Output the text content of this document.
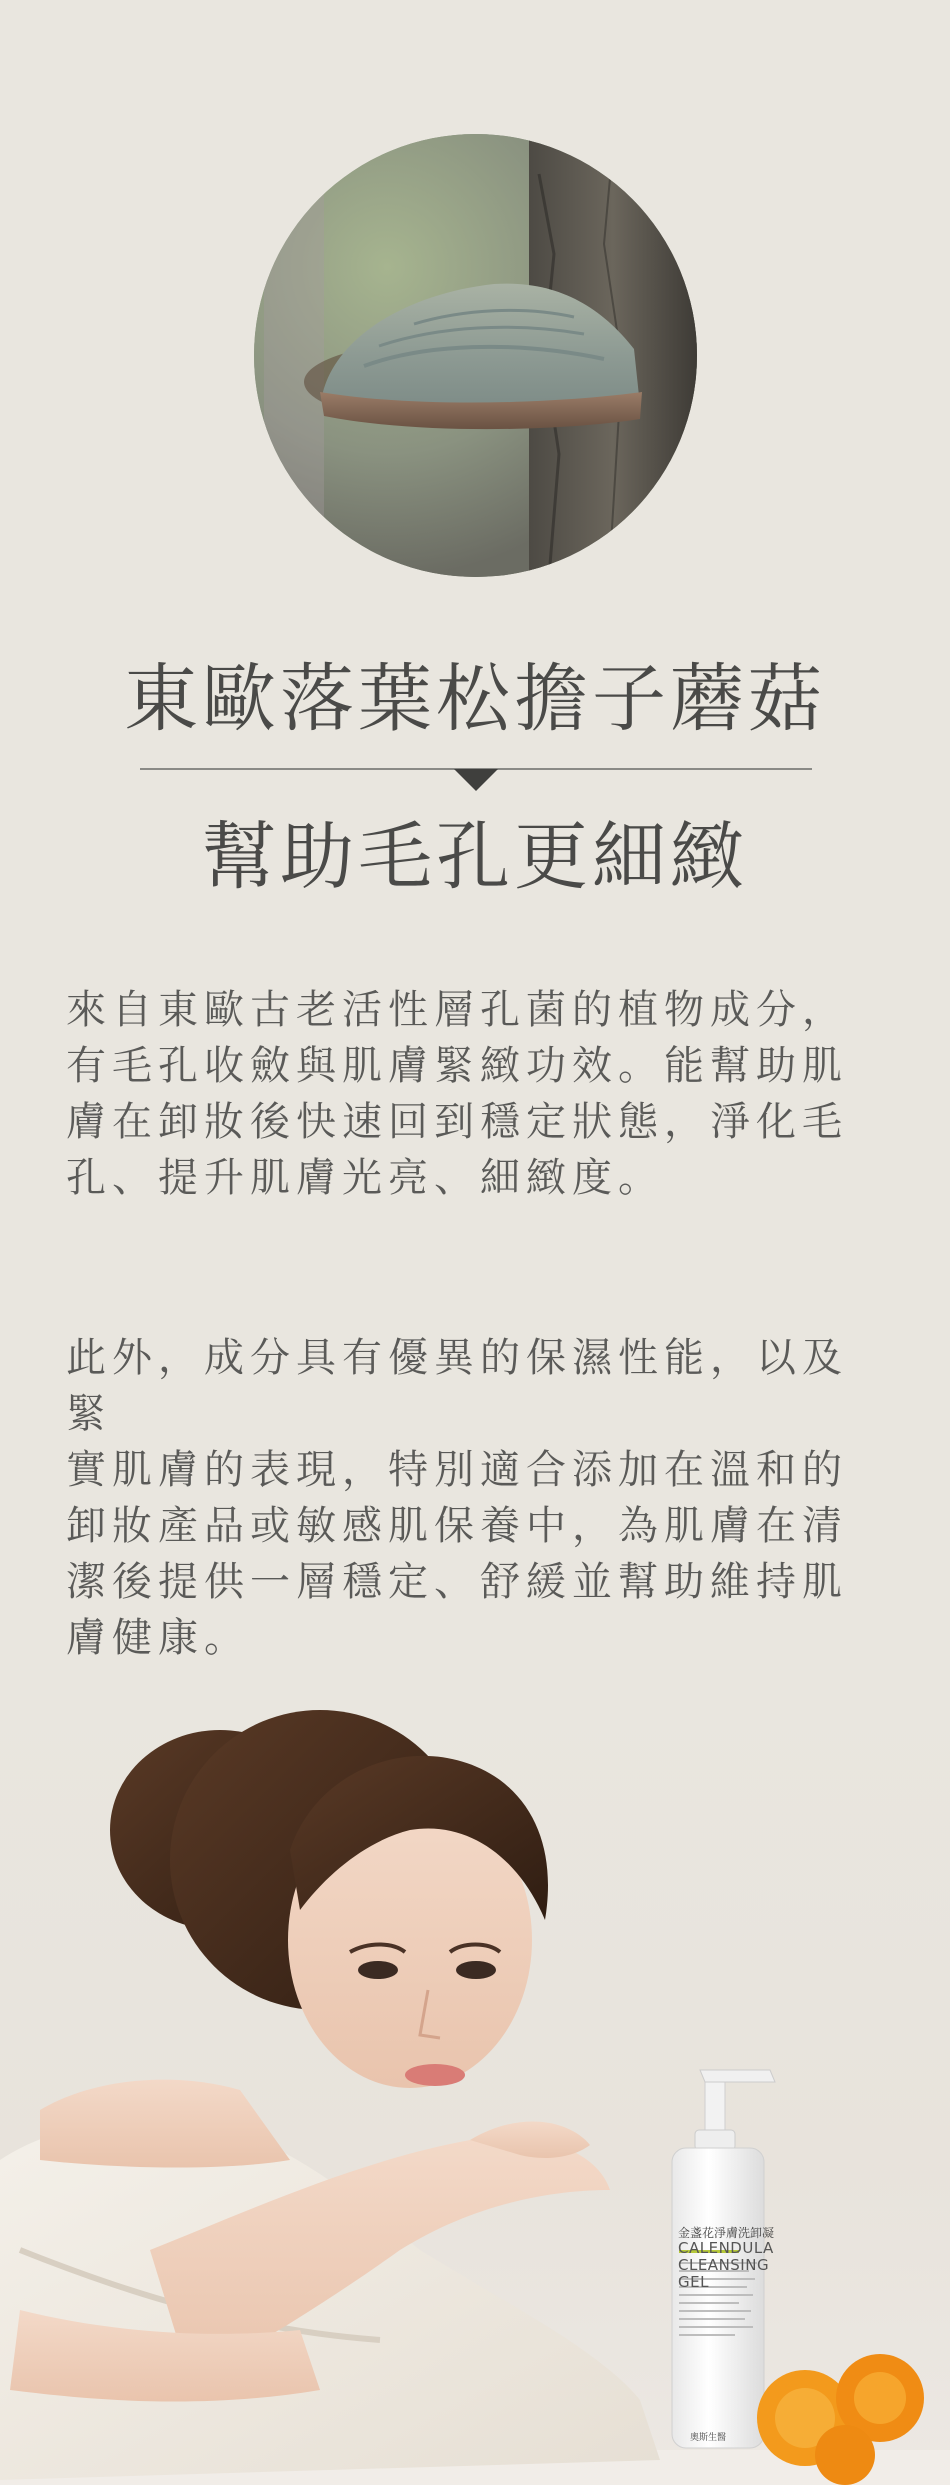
東歐落葉松擔子蘑菇
幫助毛孔更細緻

來自東歐古老活性層孔菌的植物成分，
有毛孔收斂與肌膚緊緻功效。能幫助肌
膚在卸妝後快速回到穩定狀態，淨化毛
孔、提升肌膚光亮、細緻度。

此外，成分具有優異的保濕性能，以及緊
實肌膚的表現，特別適合添加在溫和的
卸妝產品或敏感肌保養中，為肌膚在清
潔後提供一層穩定、舒緩並幫助維持肌
膚健康。

金盞花淨膚洗卸凝
CALENDULA
CLEANSING
GEL
奧斯生醫
